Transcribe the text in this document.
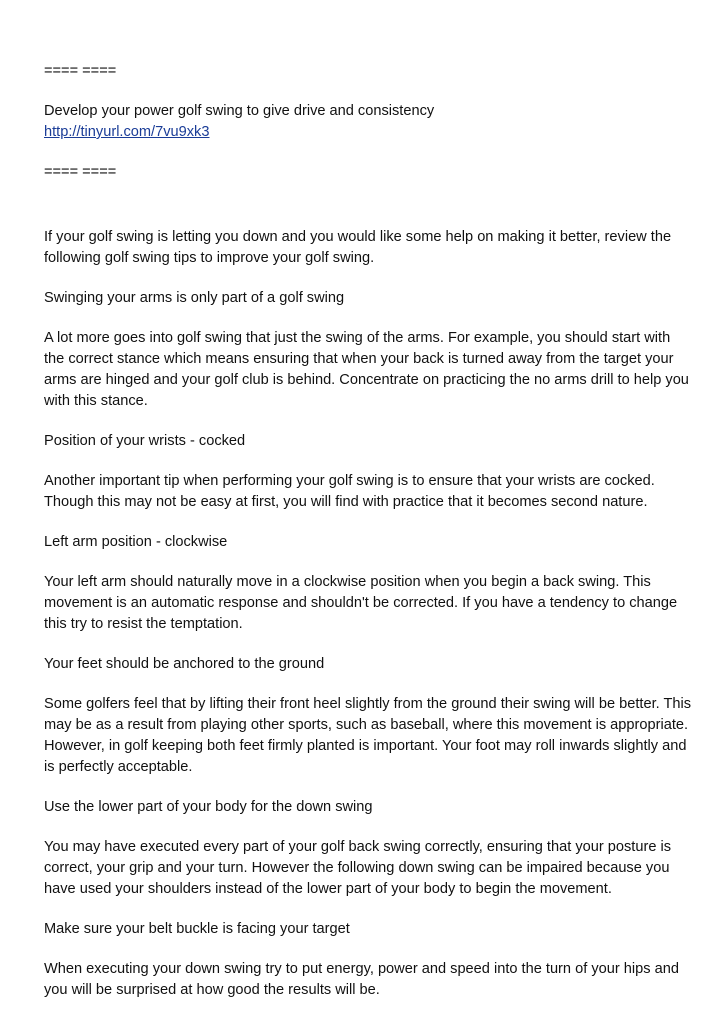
==== ====

Develop your power golf swing to give drive and consistency

http://tinyurl.com/7vu9xk3

==== ====

If your golf swing is letting you down and you would like some help on making it better, review the following golf swing tips to improve your golf swing.

Swinging your arms is only part of a golf swing

A lot more goes into golf swing that just the swing of the arms. For example, you should start with the correct stance which means ensuring that when your back is turned away from the target your arms are hinged and your golf club is behind. Concentrate on practicing the no arms drill to help you with this stance.

Position of your wrists - cocked

Another important tip when performing your golf swing is to ensure that your wrists are cocked. Though this may not be easy at first, you will find with practice that it becomes second nature.

Left arm position - clockwise

Your left arm should naturally move in a clockwise position when you begin a back swing. This movement is an automatic response and shouldn't be corrected. If you have a tendency to change this try to resist the temptation.

Your feet should be anchored to the ground

Some golfers feel that by lifting their front heel slightly from the ground their swing will be better. This may be as a result from playing other sports, such as baseball, where this movement is appropriate. However, in golf keeping both feet firmly planted is important. Your foot may roll inwards slightly and is perfectly acceptable.

Use the lower part of your body for the down swing

You may have executed every part of your golf back swing correctly, ensuring that your posture is correct, your grip and your turn. However the following down swing can be impaired because you have used your shoulders instead of the lower part of your body to begin the movement.

Make sure your belt buckle is facing your target

When executing your down swing try to put energy, power and speed into the turn of your hips and you will be surprised at how good the results will be.
